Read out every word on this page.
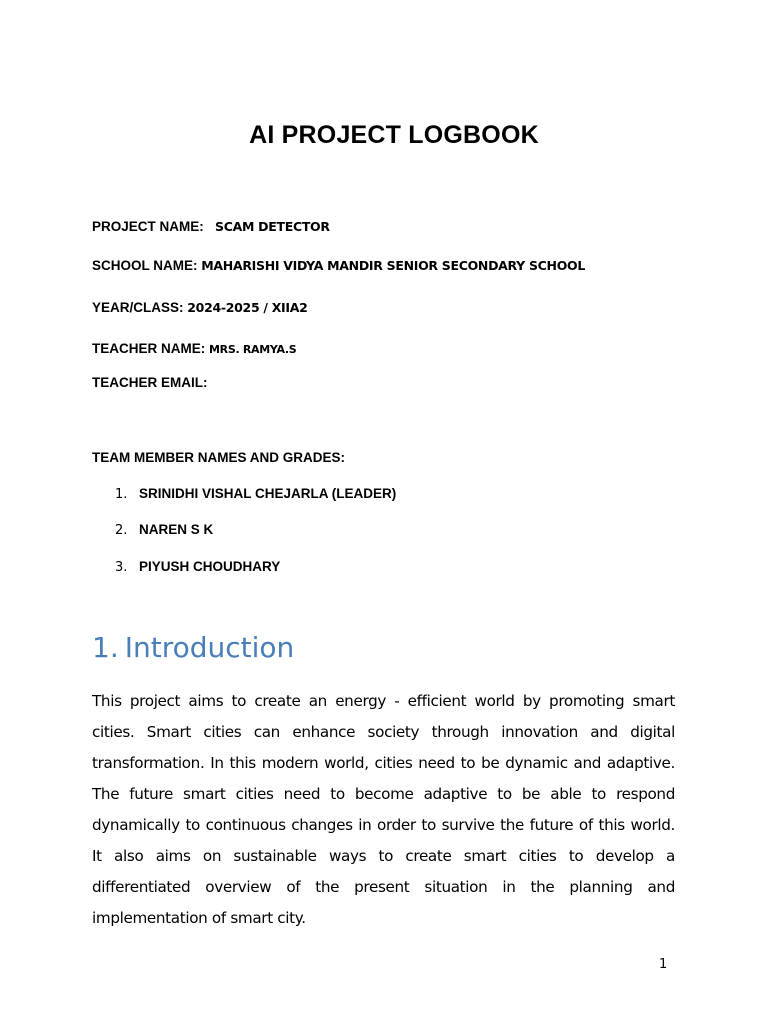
AI PROJECT LOGBOOK

PROJECT NAME: SCAM DETECTOR

SCHOOL NAME: MAHARISHI VIDYA MANDIR SENIOR SECONDARY SCHOOL

YEAR/CLASS: 2024-2025 / XIIA2

TEACHER NAME: MRS. RAMYA.S

TEACHER EMAIL:

TEAM MEMBER NAMES AND GRADES:

1. SRINIDHI VISHAL CHEJARLA (LEADER)
2. NAREN S K
3. PIYUSH CHOUDHARY
1. Introduction

This project aims to create an energy - efficient world by promoting smart cities. Smart cities can enhance society through innovation and digital transformation. In this modern world, cities need to be dynamic and adaptive. The future smart cities need to become adaptive to be able to respond dynamically to continuous changes in order to survive the future of this world. It also aims on sustainable ways to create smart cities to develop a differentiated overview of the present situation in the planning and implementation of smart city.

1
